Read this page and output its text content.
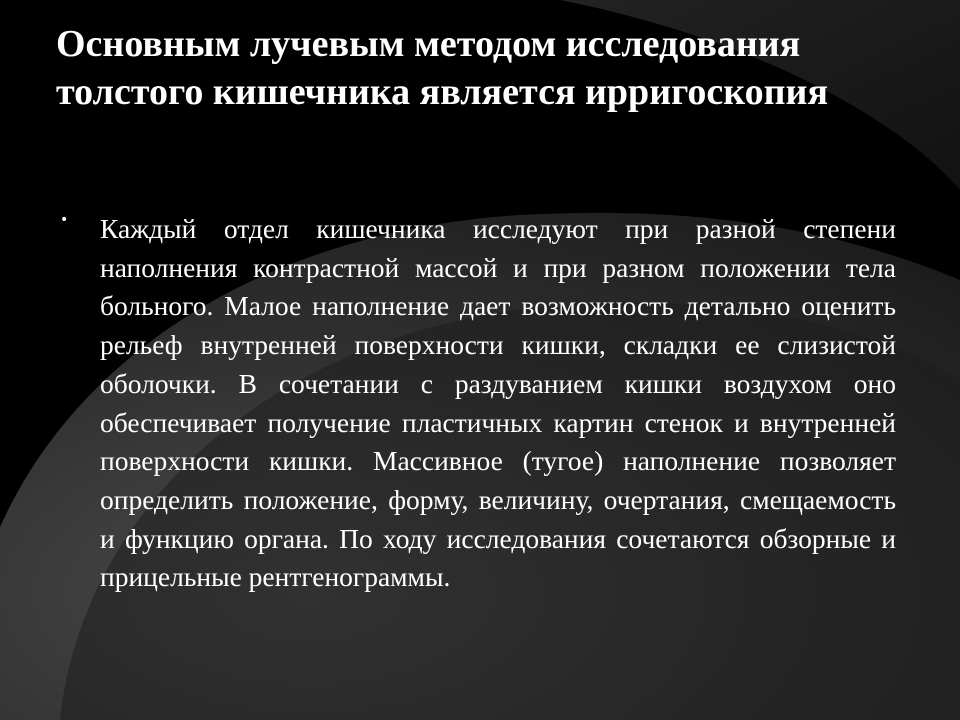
Основным лучевым методом исследования толстого кишечника является ирригоскопия
• Каждый отдел кишечника исследуют при разной степени наполнения контрастной массой и при разном положении тела больного. Малое наполнение дает возможность детально оценить рельеф внутренней поверхности кишки, складки ее слизистой оболочки. В сочетании с раздуванием кишки воздухом оно обеспечивает получение пластичных картин стенок и внутренней поверхности кишки. Массивное (тугое) наполнение позволяет определить положение, форму, величину, очертания, смещаемость и функцию органа. По ходу исследования сочетаются обзорные и прицельные рентгенограммы.
